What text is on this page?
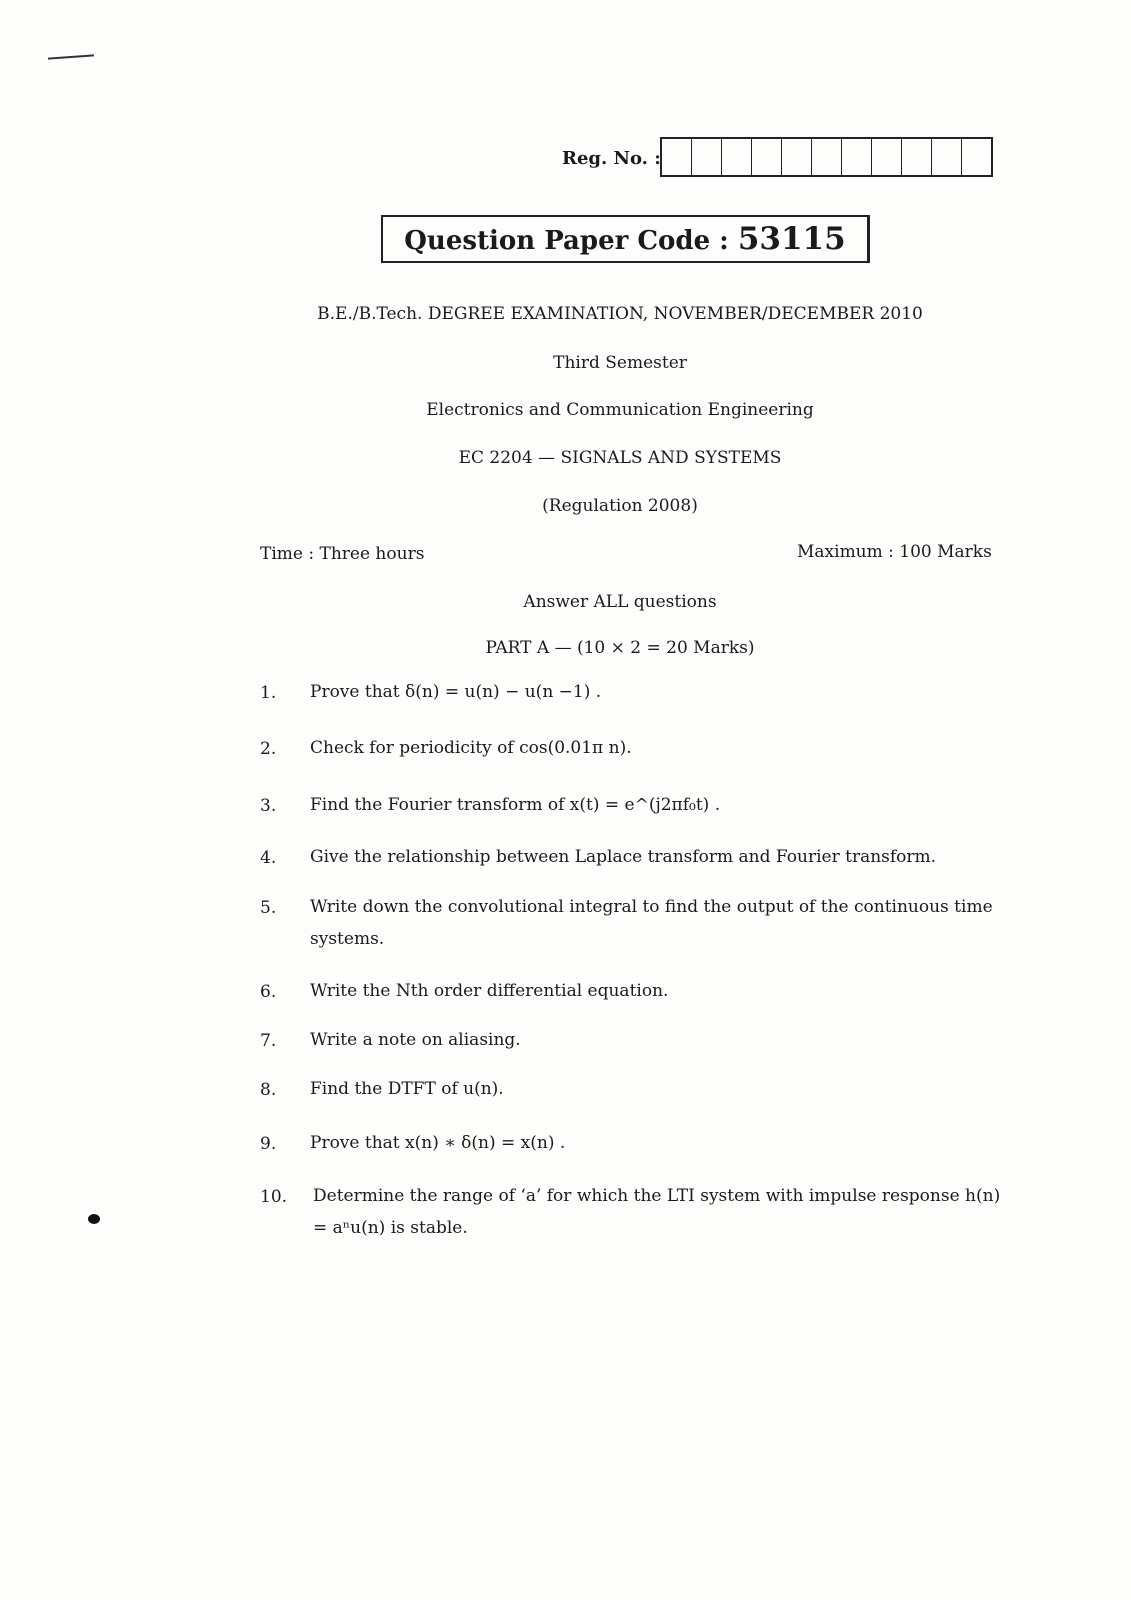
Reg. No. :
Question Paper Code : 53115
B.E./B.Tech. DEGREE EXAMINATION, NOVEMBER/DECEMBER 2010
Third Semester
Electronics and Communication Engineering
EC 2204 — SIGNALS AND SYSTEMS
(Regulation 2008)
Time : Three hours	Maximum : 100 Marks
Answer ALL questions
PART A — (10 × 2 = 20 Marks)
1. Prove that δ(n) = u(n) − u(n −1) .
2. Check for periodicity of cos(0.01π n).
3. Find the Fourier transform of x(t) = e^(j2πf₀t) .
4. Give the relationship between Laplace transform and Fourier transform.
5. Write down the convolutional integral to find the output of the continuous time systems.
6. Write the Nth order differential equation.
7. Write a note on aliasing.
8. Find the DTFT of u(n).
9. Prove that x(n) ∗ δ(n) = x(n) .
10. Determine the range of ‘a’ for which the LTI system with impulse response h(n) = aⁿu(n) is stable.
